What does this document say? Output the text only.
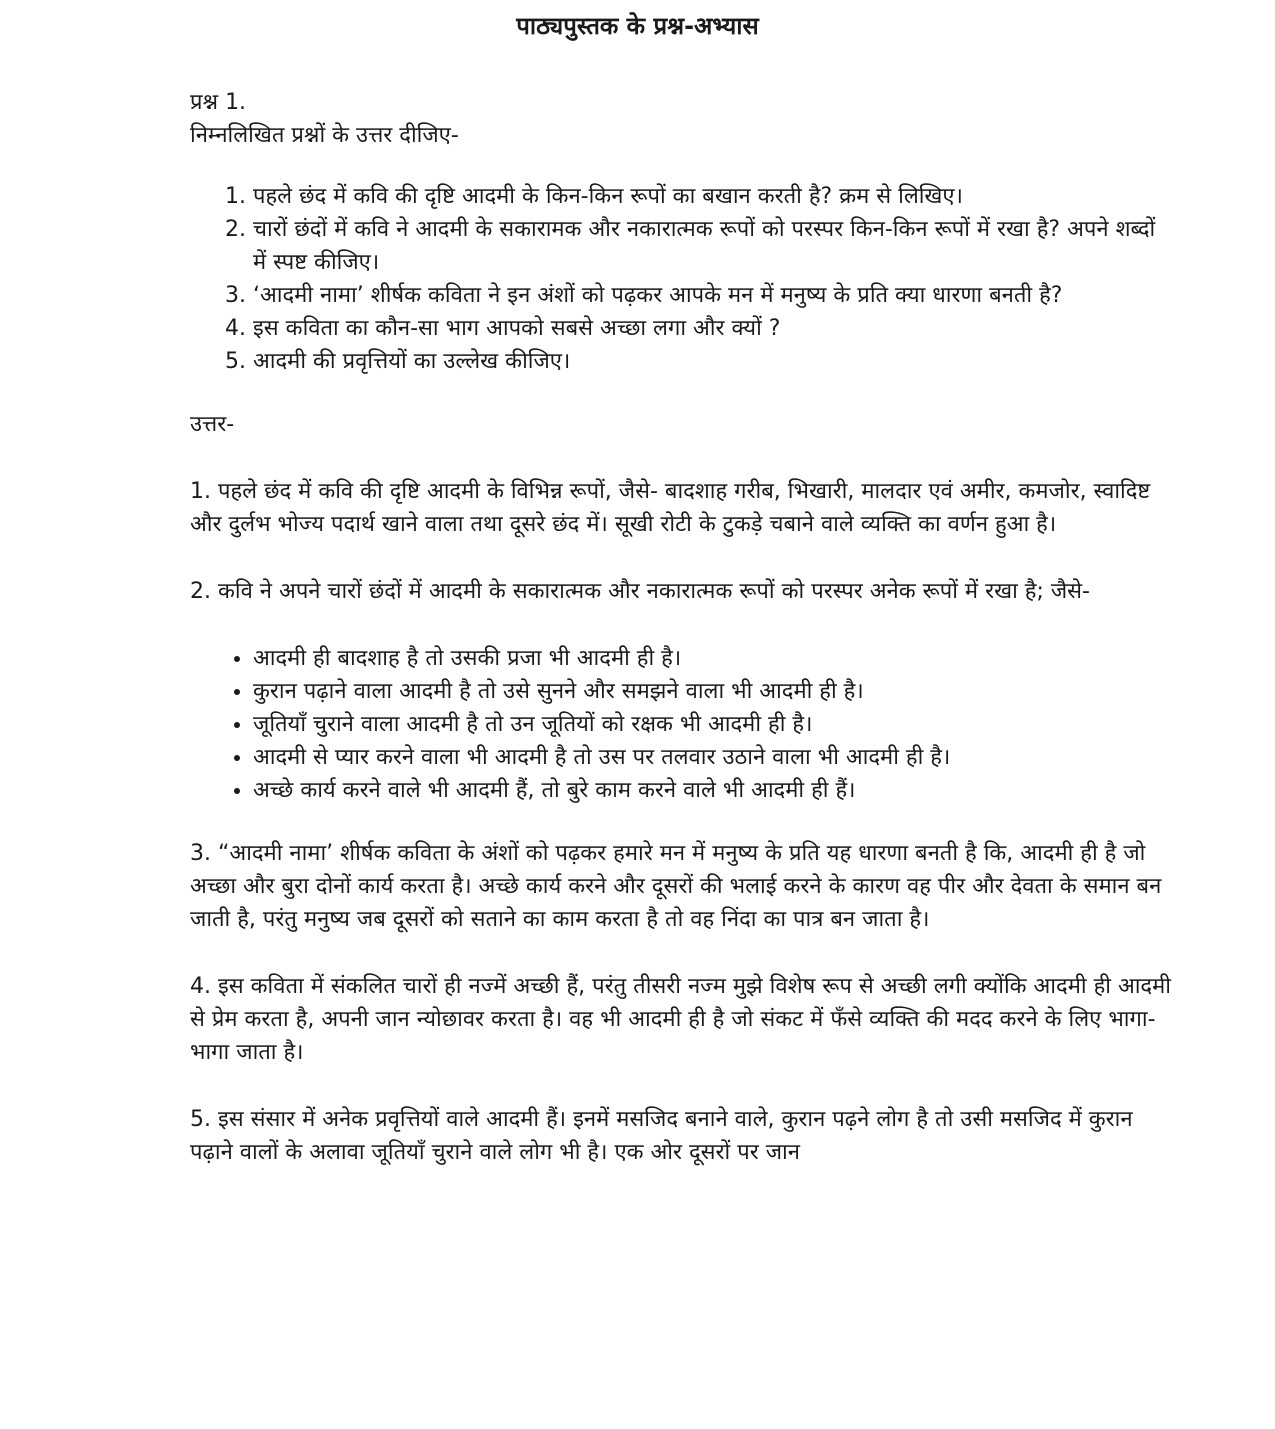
पाठ्यपुस्तक के प्रश्न-अभ्यास
प्रश्न 1.
निम्नलिखित प्रश्नों के उत्तर दीजिए-
1. पहले छंद में कवि की दृष्टि आदमी के किन-किन रूपों का बखान करती है? क्रम से लिखिए।
2. चारों छंदों में कवि ने आदमी के सकारामक और नकारात्मक रूपों को परस्पर किन-किन रूपों में रखा है? अपने शब्दों में स्पष्ट कीजिए।
3. ‘आदमी नामा’ शीर्षक कविता ने इन अंशों को पढ़कर आपके मन में मनुष्य के प्रति क्या धारणा बनती है?
4. इस कविता का कौन-सा भाग आपको सबसे अच्छा लगा और क्यों ?
5. आदमी की प्रवृत्तियों का उल्लेख कीजिए।
उत्तर-
1. पहले छंद में कवि की दृष्टि आदमी के विभिन्न रूपों, जैसे- बादशाह गरीब, भिखारी, मालदार एवं अमीर, कमजोर, स्वादिष्ट और दुर्लभ भोज्य पदार्थ खाने वाला तथा दूसरे छंद में। सूखी रोटी के टुकड़े चबाने वाले व्यक्ति का वर्णन हुआ है।
2. कवि ने अपने चारों छंदों में आदमी के सकारात्मक और नकारात्मक रूपों को परस्पर अनेक रूपों में रखा है; जैसे-
• आदमी ही बादशाह है तो उसकी प्रजा भी आदमी ही है।
• कुरान पढ़ाने वाला आदमी है तो उसे सुनने और समझने वाला भी आदमी ही है।
• जूतियाँ चुराने वाला आदमी है तो उन जूतियों को रक्षक भी आदमी ही है।
• आदमी से प्यार करने वाला भी आदमी है तो उस पर तलवार उठाने वाला भी आदमी ही है।
• अच्छे कार्य करने वाले भी आदमी हैं, तो बुरे काम करने वाले भी आदमी ही हैं।
3. “आदमी नामा’ शीर्षक कविता के अंशों को पढ़कर हमारे मन में मनुष्य के प्रति यह धारणा बनती है कि, आदमी ही है जो अच्छा और बुरा दोनों कार्य करता है। अच्छे कार्य करने और दूसरों की भलाई करने के कारण वह पीर और देवता के समान बन जाती है, परंतु मनुष्य जब दूसरों को सताने का काम करता है तो वह निंदा का पात्र बन जाता है।
4. इस कविता में संकलित चारों ही नज्में अच्छी हैं, परंतु तीसरी नज्म मुझे विशेष रूप से अच्छी लगी क्योंकि आदमी ही आदमी से प्रेम करता है, अपनी जान न्योछावर करता है। वह भी आदमी ही है जो संकट में फँसे व्यक्ति की मदद करने के लिए भागा-भागा जाता है।
5. इस संसार में अनेक प्रवृत्तियों वाले आदमी हैं। इनमें मसजिद बनाने वाले, कुरान पढ़ने लोग है तो उसी मसजिद में कुरान पढ़ाने वालों के अलावा जूतियाँ चुराने वाले लोग भी है। एक ओर दूसरों पर जान
